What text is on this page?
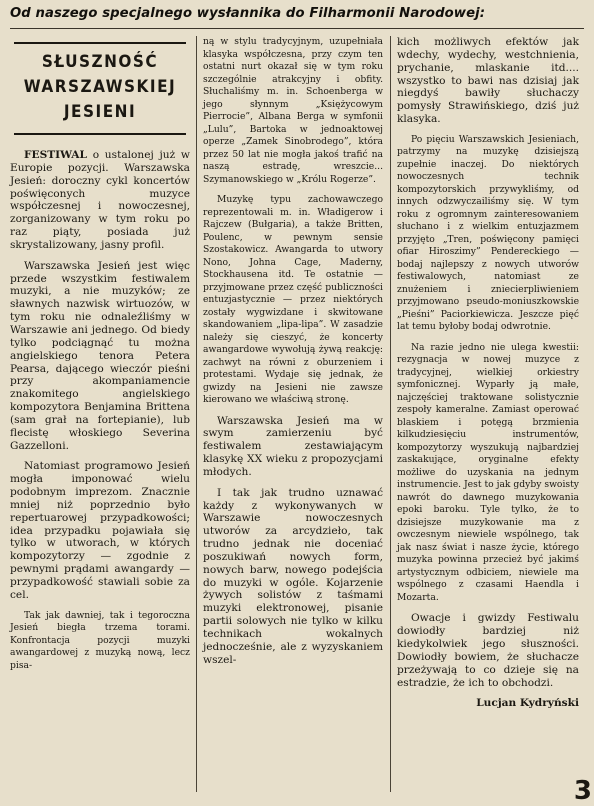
Od naszego specjalnego wysłannika do Filharmonii Narodowej:
SŁUSZNOŚĆ
WARSZAWSKIEJ
JESIENI

FESTIWAL o ustalonej już w Europie pozycji. Warszawska Jesień: doroczny cykl koncertów poświęconych muzyce współczesnej i nowoczesnej, zorganizowany w tym roku po raz piąty, posiada już skrystalizowany, jasny profil.

Warszawska Jesień jest więc przede wszystkim festiwalem muzyki, a nie muzyków; ze sławnych nazwisk wirtuozów, w tym roku nie odnaleźliśmy w Warszawie ani jednego. Od biedy tylko podciągnąć tu można angielskiego tenora Petera Pearsa, dającego wieczór pieśni przy akompaniamencie znakomitego angielskiego kompozytora Benjamina Brittena (sam grał na fortepianie), lub flecistę włoskiego Severina Gazzelloni.

Natomiast programowo Jesień mogła imponować wielu podobnym imprezom. Znacznie mniej niż poprzednio było repertuarowej przypadkowości; idea przypadku pojawiała się tylko w utworach, w których kompozytorzy — zgodnie z pewnymi prądami awangardy — przypadkowość stawiali sobie za cel.

Tak jak dawniej, tak i tegoroczna Jesień biegła trzema torami. Konfrontacja pozycji muzyki awangardowej z muzyką nową, lecz pisa-

ną w stylu tradycyjnym, uzupełniała klasyka współczesna, przy czym ten ostatni nurt okazał się w tym roku szczególnie atrakcyjny i obfity. Słuchaliśmy m. in. Schoenberga w jego słynnym „Księżycowym Pierrocie”, Albana Berga w symfonii „Lulu”, Bartoka w jednoaktowej operze „Zamek Sinobrodego”, która przez 50 lat nie mogła jakoś trafić na naszą estradę, wreszcie... Szymanowskiego w „Królu Rogerze”.

Muzykę typu zachowawczego reprezentowali m. in. Władigerow i Rajczew (Bułgaria), a także Britten, Poulenc, w pewnym sensie Szostakowicz. Awangarda to utwory Nono, Johna Cage, Maderny, Stockhausena itd. Te ostatnie — przyjmowane przez część publiczności entuzjastycznie — przez niektórych zostały wygwizdane i skwitowane skandowaniem „lipa-lipa”. W zasadzie należy się cieszyć, że koncerty awangardowe wywołują żywą reakcję: zachwyt na równi z oburzeniem i protestami. Wydaje się jednak, że gwizdy na Jesieni nie zawsze kierowano we właściwą stronę.

Warszawska Jesień ma w swym zamierzeniu być festiwalem zestawiającym klasykę XX wieku z propozycjami młodych.

I tak jak trudno uznawać każdy z wykonywanych w Warszawie nowoczesnych utworów za arcydzieło, tak trudno jednak nie doceniać poszukiwań nowych form, nowych barw, nowego podejścia do muzyki w ogóle. Kojarzenie żywych solistów z taśmami muzyki elektronowej, pisanie partii solowych nie tylko w kilku technikach wokalnych jednocześnie, ale z wyzyskaniem wszel-

kich możliwych efektów jak wdechy, wydechy, westchnienia, prychanie, mlaskanie itd.... wszystko to bawi nas dzisiaj jak niegdyś bawiły słuchaczy pomysły Strawińskiego, dziś już klasyka.

Po pięciu Warszawskich Jesieniach, patrzymy na muzykę dzisiejszą zupełnie inaczej. Do niektórych nowoczesnych technik kompozytorskich przywykliśmy, od innych odzwyczailiśmy się. W tym roku z ogromnym zainteresowaniem słuchano i z wielkim entuzjazmem przyjęto „Tren, poświęcony pamięci ofiar Hiroszimy” Pendereckiego — bodaj najlepszy z nowych utworów festiwalowych, natomiast ze znużeniem i zniecierpliwieniem przyjmowano pseudo-moniuszkowskie „Pieśni” Paciorkiewicza. Jeszcze pięć lat temu byłoby bodaj odwrotnie.

Na razie jedno nie ulega kwestii: rezygnacja w nowej muzyce z tradycyjnej, wielkiej orkiestry symfonicznej. Wyparły ją małe, najczęściej traktowane solistycznie zespoły kameralne. Zamiast operować blaskiem i potęgą brzmienia kilkudziesięciu instrumentów, kompozytorzy wyszukują najbardziej zaskakujące, oryginalne efekty możliwe do uzyskania na jednym instrumencie. Jest to jak gdyby swoisty nawrót do dawnego muzykowania epoki baroku. Tyle tylko, że to dzisiejsze muzykowanie ma z owczesnym niewiele wspólnego, tak jak nasz świat i nasze życie, którego muzyka powinna przecież być jakimś artystycznym odbiciem, niewiele ma wspólnego z czasami Haendla i Mozarta.

Owacje i gwizdy Festiwalu dowiodły bardziej niż kiedykolwiek jego słuszności. Dowiodły bowiem, że słuchacze przeżywają to co dzieje się na estradzie, że ich to obchodzi.

Lucjan Kydryński
3
